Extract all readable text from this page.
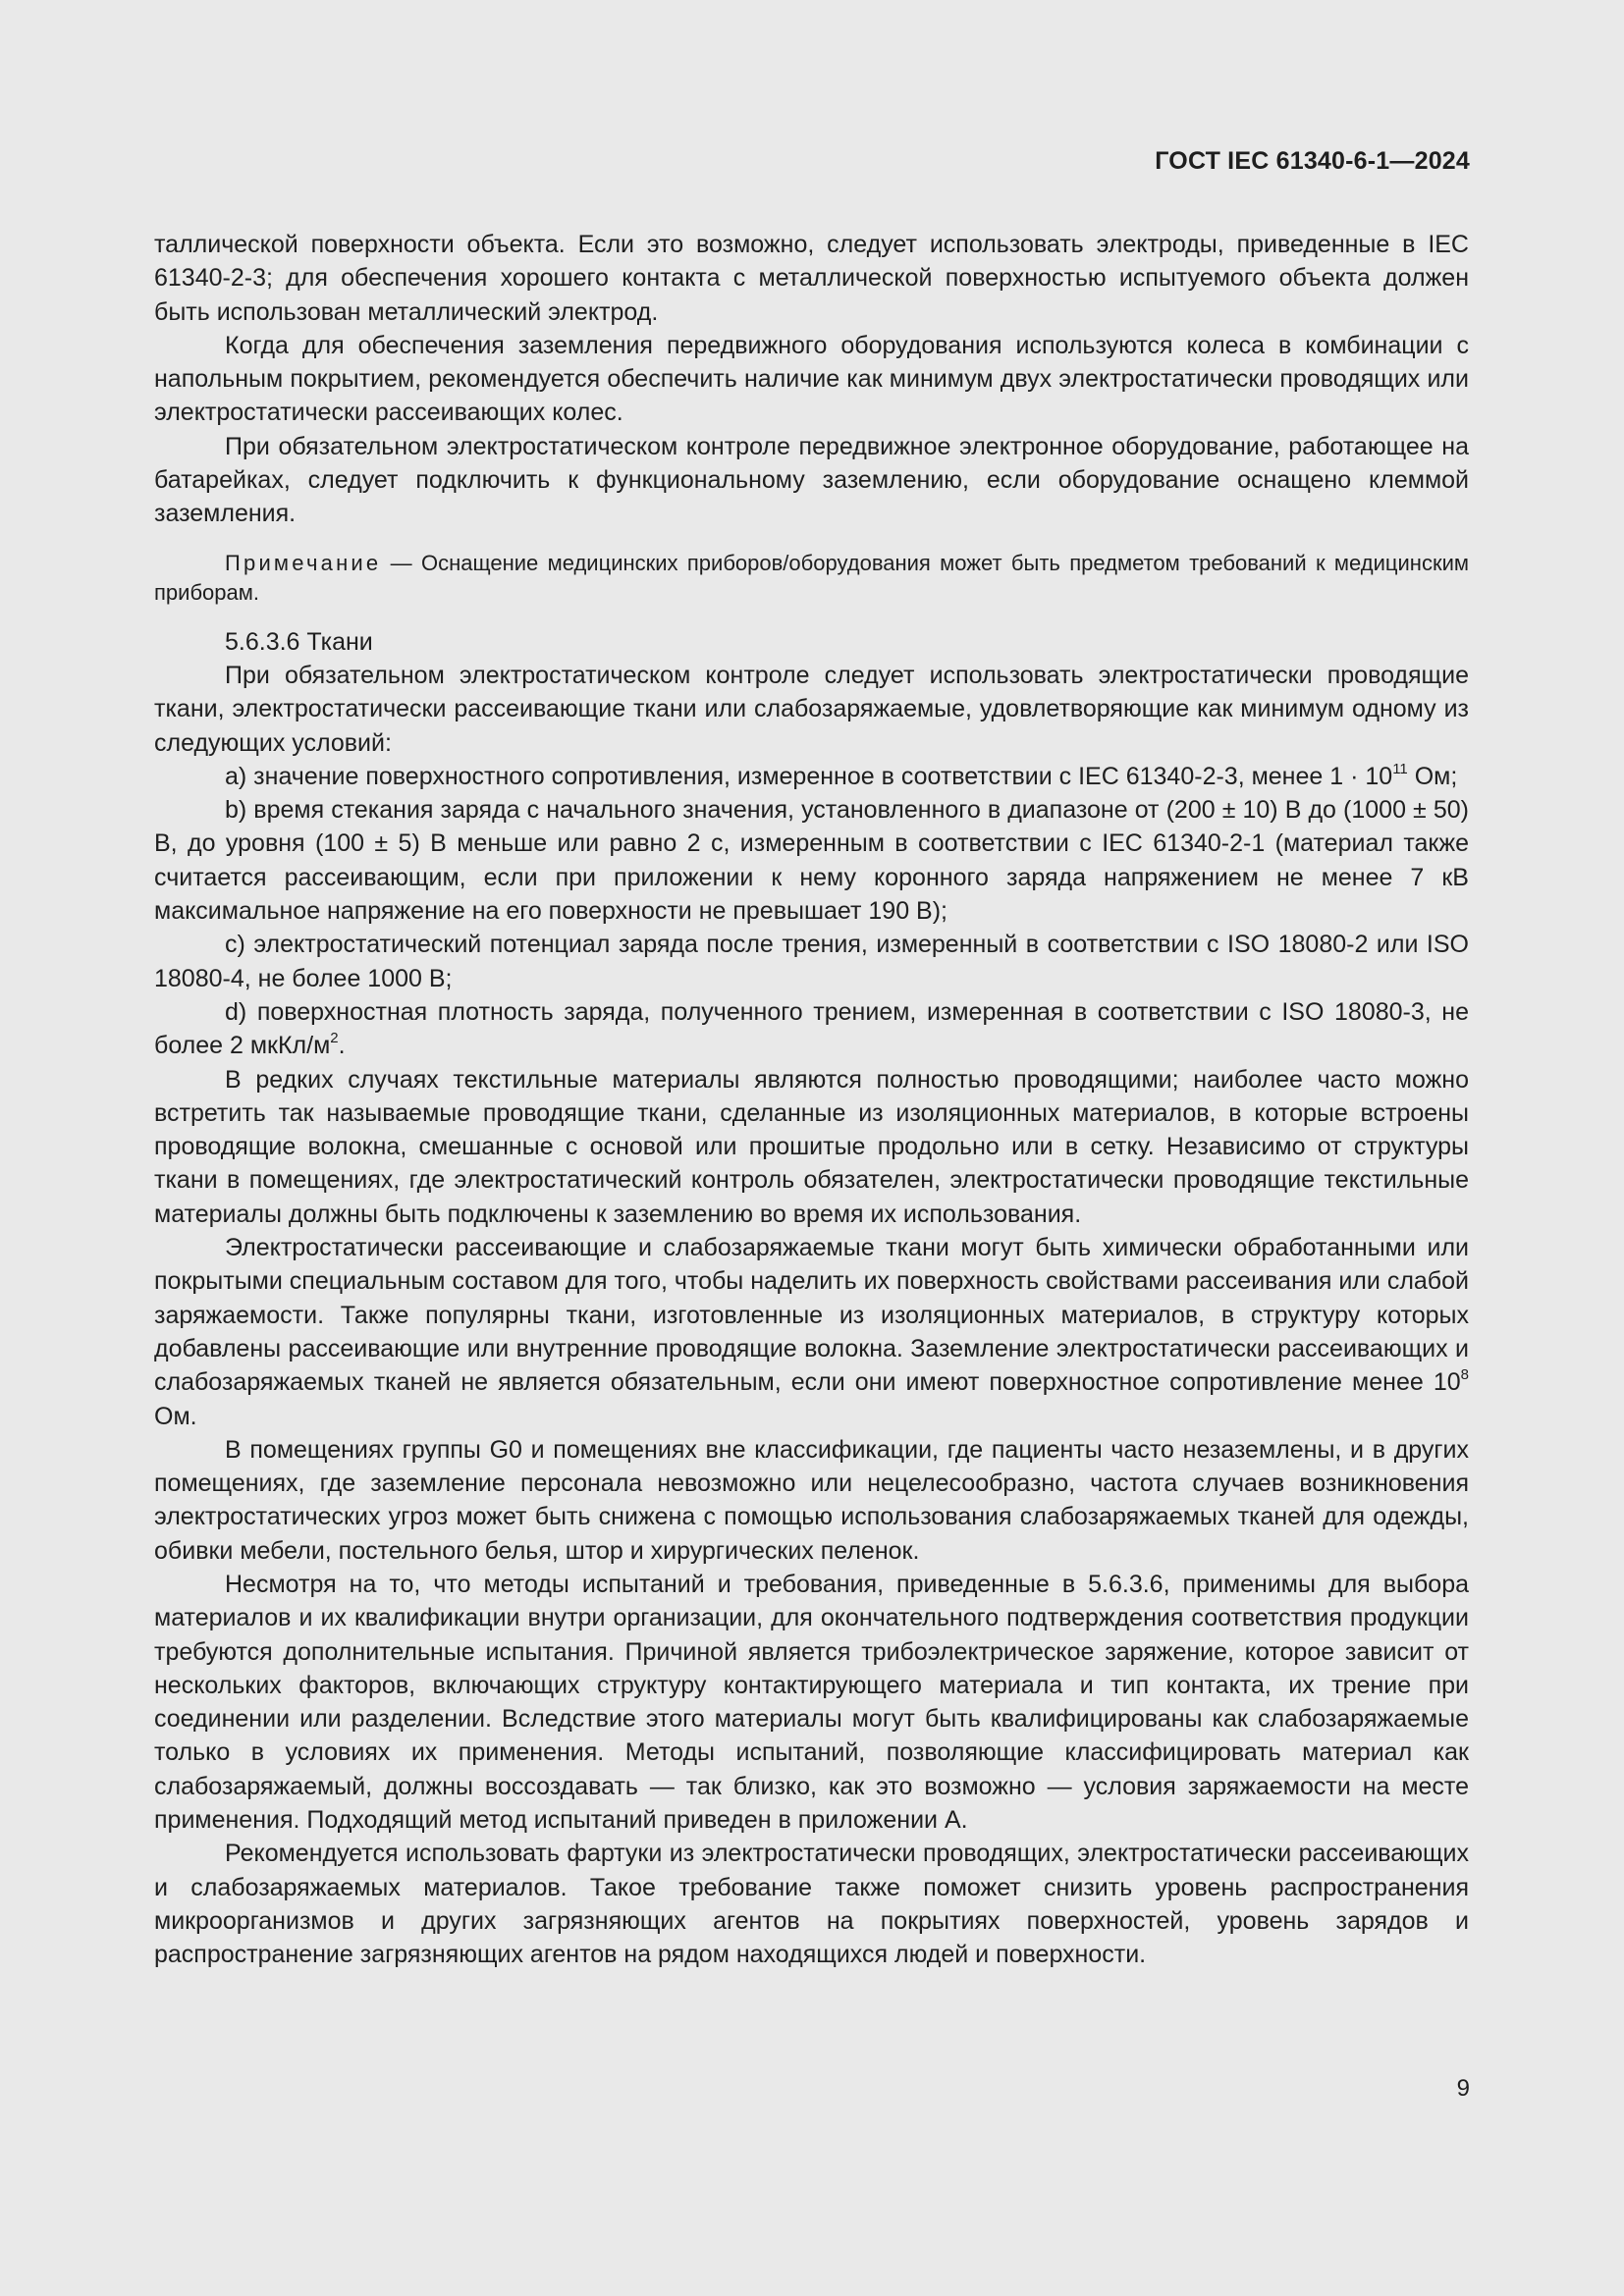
ГОСТ IEC 61340-6-1—2024

таллической поверхности объекта. Если это возможно, следует использовать электроды, приведенные в IEC 61340-2-3; для обеспечения хорошего контакта с металлической поверхностью испытуемого объекта должен быть использован металлический электрод.

Когда для обеспечения заземления передвижного оборудования используются колеса в комбинации с напольным покрытием, рекомендуется обеспечить наличие как минимум двух электростатически проводящих или электростатически рассеивающих колес.

При обязательном электростатическом контроле передвижное электронное оборудование, работающее на батарейках, следует подключить к функциональному заземлению, если оборудование оснащено клеммой заземления.

Примечание — Оснащение медицинских приборов/оборудования может быть предметом требований к медицинским приборам.

5.6.3.6 Ткани

При обязательном электростатическом контроле следует использовать электростатически проводящие ткани, электростатически рассеивающие ткани или слабозаряжаемые, удовлетворяющие как минимум одному из следующих условий:

a) значение поверхностного сопротивления, измеренное в соответствии с IEC 61340-2-3, менее $1 \cdot 10^{11}$ Ом;

b) время стекания заряда с начального значения, установленного в диапазоне от (200 ± 10) В до (1000 ± 50) В, до уровня (100 ± 5) В меньше или равно 2 с, измеренным в соответствии с IEC 61340-2-1 (материал также считается рассеивающим, если при приложении к нему коронного заряда напряжением не менее 7 кВ максимальное напряжение на его поверхности не превышает 190 В);

c) электростатический потенциал заряда после трения, измеренный в соответствии с ISO 18080-2 или ISO 18080-4, не более 1000 В;

d) поверхностная плотность заряда, полученного трением, измеренная в соответствии с ISO 18080-3, не более 2 мкКл/$м^2$.

В редких случаях текстильные материалы являются полностью проводящими; наиболее часто можно встретить так называемые проводящие ткани, сделанные из изоляционных материалов, в которые встроены проводящие волокна, смешанные с основой или прошитые продольно или в сетку. Независимо от структуры ткани в помещениях, где электростатический контроль обязателен, электростатически проводящие текстильные материалы должны быть подключены к заземлению во время их использования.

Электростатически рассеивающие и слабозаряжаемые ткани могут быть химически обработанными или покрытыми специальным составом для того, чтобы наделить их поверхность свойствами рассеивания или слабой заряжаемости. Также популярны ткани, изготовленные из изоляционных материалов, в структуру которых добавлены рассеивающие или внутренние проводящие волокна. Заземление электростатически рассеивающих и слабозаряжаемых тканей не является обязательным, если они имеют поверхностное сопротивление менее $10^8$ Ом.

В помещениях группы G0 и помещениях вне классификации, где пациенты часто незаземлены, и в других помещениях, где заземление персонала невозможно или нецелесообразно, частота случаев возникновения электростатических угроз может быть снижена с помощью использования слабозаряжаемых тканей для одежды, обивки мебели, постельного белья, штор и хирургических пеленок.

Несмотря на то, что методы испытаний и требования, приведенные в 5.6.3.6, применимы для выбора материалов и их квалификации внутри организации, для окончательного подтверждения соответствия продукции требуются дополнительные испытания. Причиной является трибоэлектрическое заряжение, которое зависит от нескольких факторов, включающих структуру контактирующего материала и тип контакта, их трение при соединении или разделении. Вследствие этого материалы могут быть квалифицированы как слабозаряжаемые только в условиях их применения. Методы испытаний, позволяющие классифицировать материал как слабозаряжаемый, должны воссоздавать — так близко, как это возможно — условия заряжаемости на месте применения. Подходящий метод испытаний приведен в приложении А.

Рекомендуется использовать фартуки из электростатически проводящих, электростатически рассеивающих и слабозаряжаемых материалов. Такое требование также поможет снизить уровень распространения микроорганизмов и других загрязняющих агентов на покрытиях поверхностей, уровень зарядов и распространение загрязняющих агентов на рядом находящихся людей и поверхности.

9
